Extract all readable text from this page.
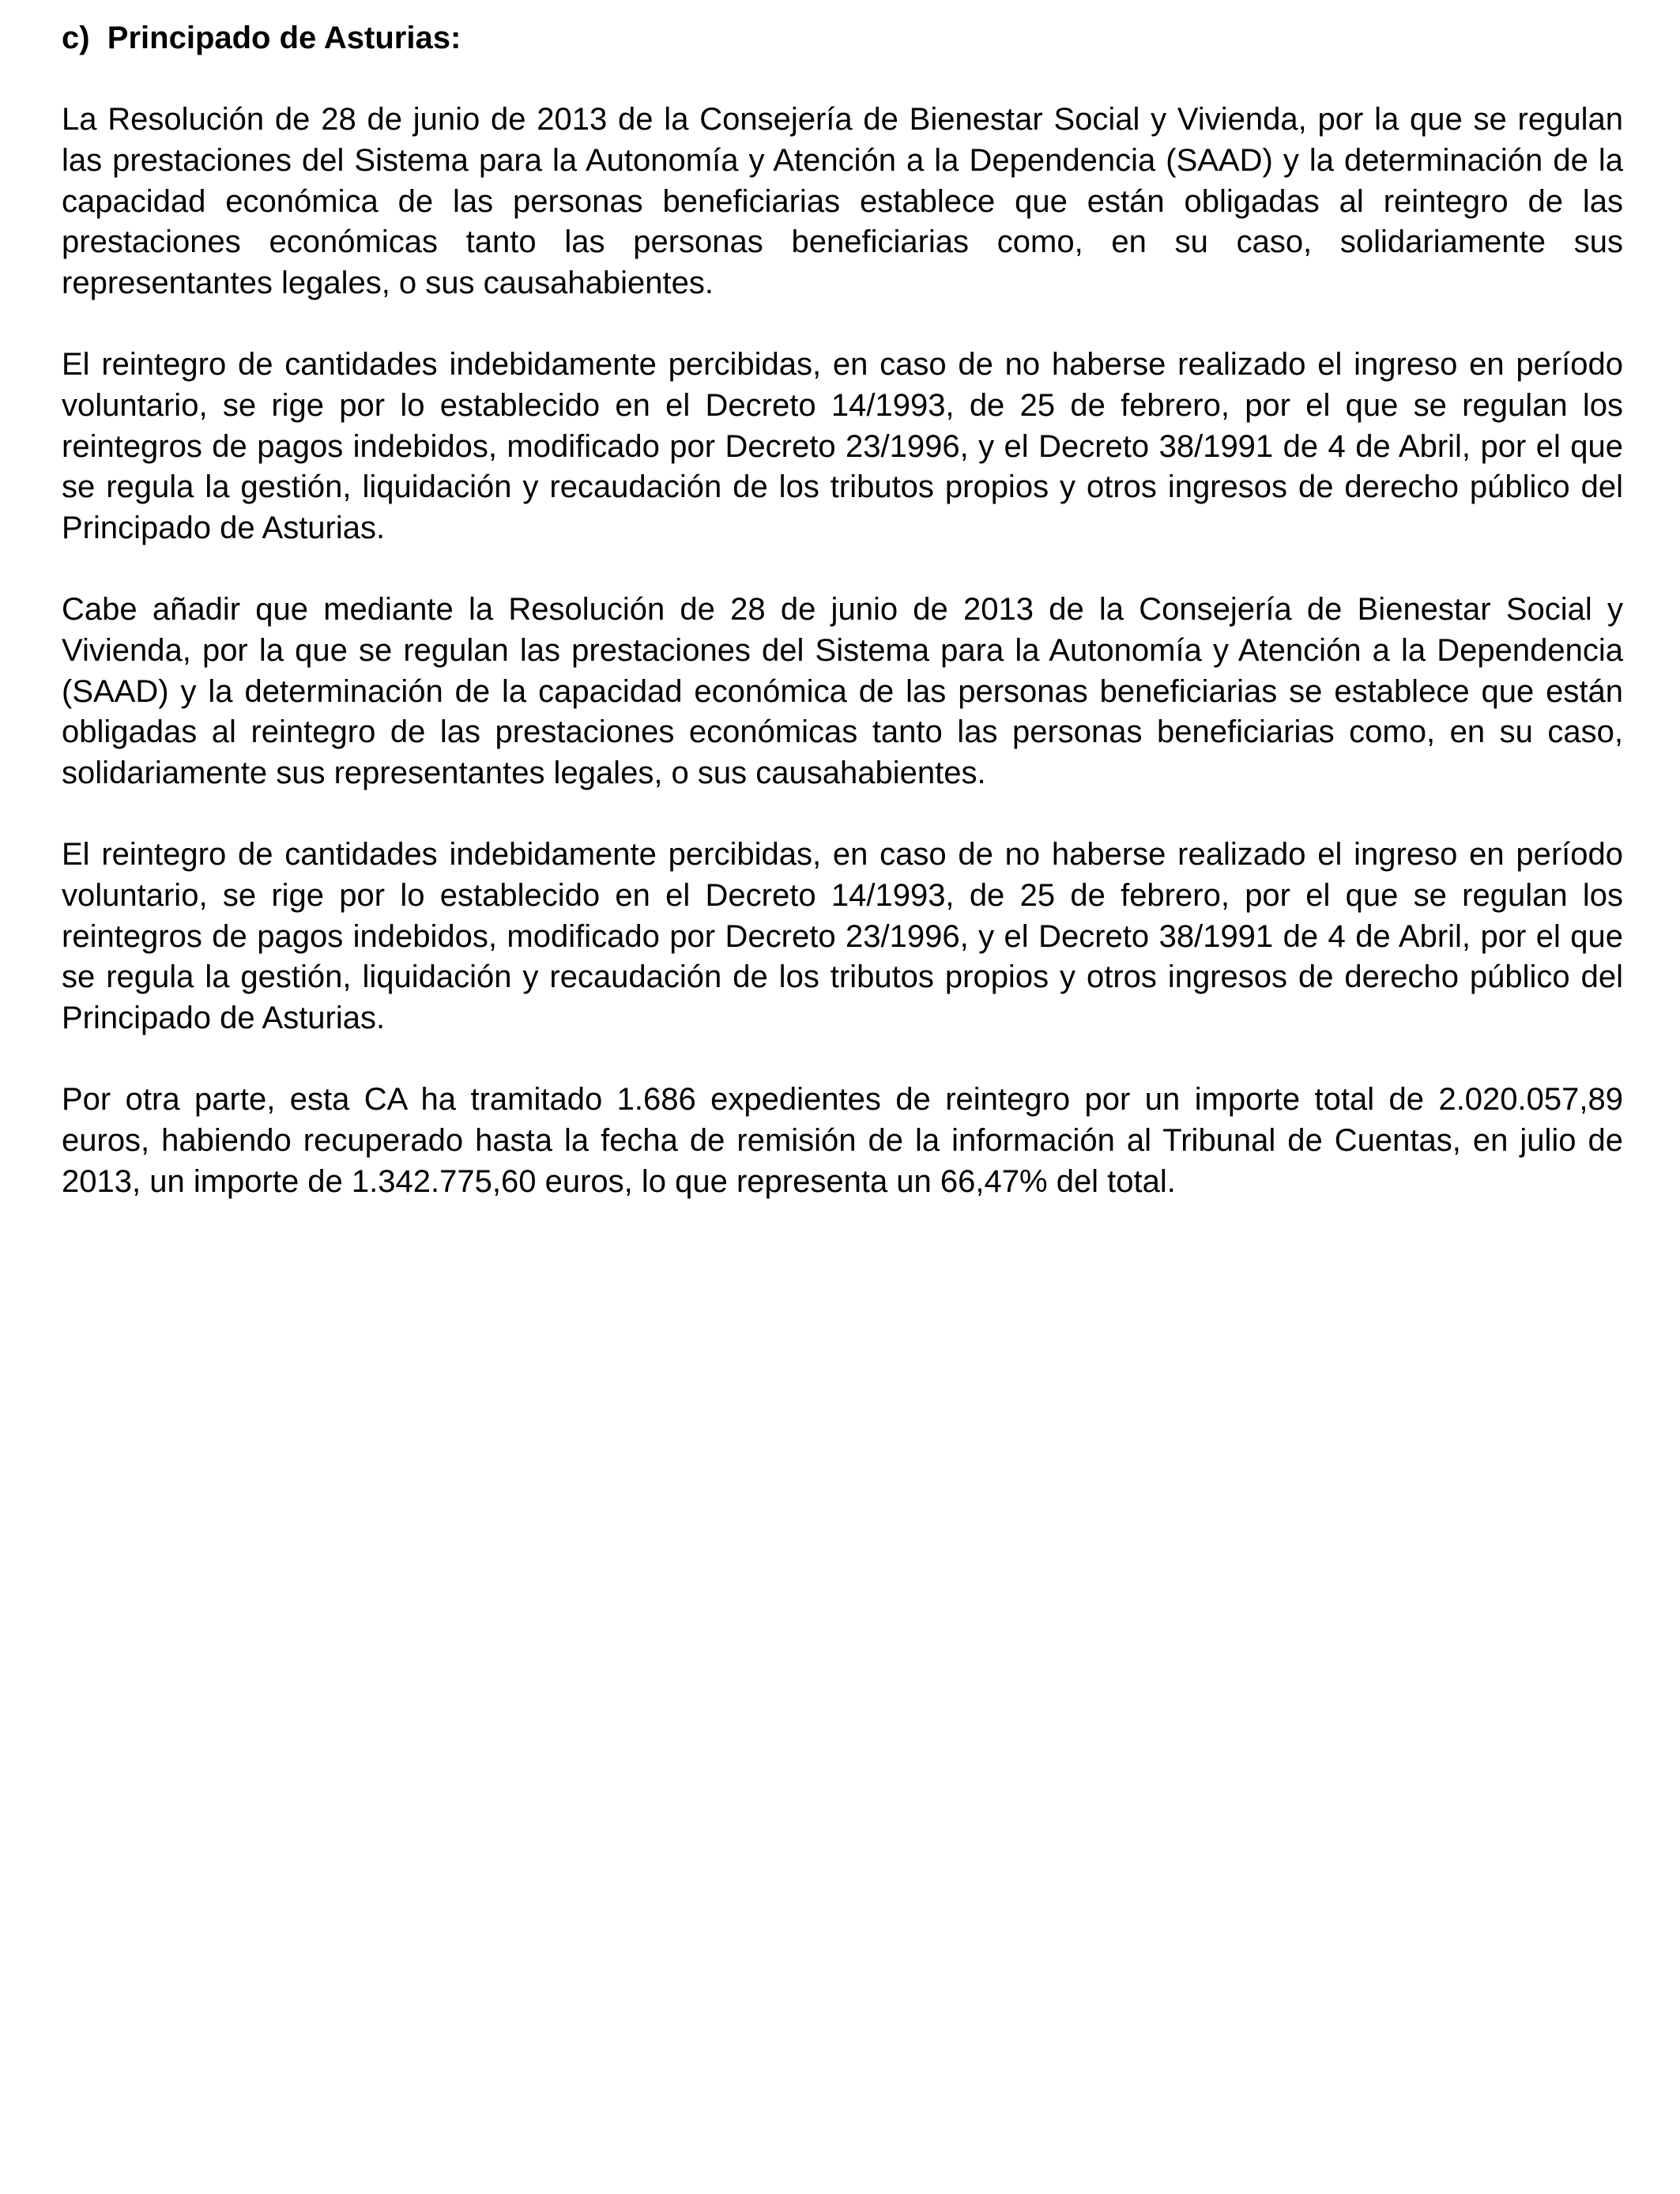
c)  Principado de Asturias:

La Resolución de 28 de junio de 2013 de la Consejería de Bienestar Social y Vivienda, por la que se regulan las prestaciones del Sistema para la Autonomía y Atención a la Dependencia (SAAD) y la determinación de la capacidad económica de las personas beneficiarias establece que están obligadas al reintegro de las prestaciones económicas tanto las personas beneficiarias como, en su caso, solidariamente sus representantes legales, o sus causahabientes.

El reintegro de cantidades indebidamente percibidas, en caso de no haberse realizado el ingreso en período voluntario, se rige por lo establecido en el Decreto 14/1993, de 25 de febrero, por el que se regulan los reintegros de pagos indebidos, modificado por Decreto 23/1996, y el Decreto 38/1991 de 4 de Abril, por el que se regula la gestión, liquidación y recaudación de los tributos propios y otros ingresos de derecho público del Principado de Asturias.

Cabe añadir que mediante la Resolución de 28 de junio de 2013 de la Consejería de Bienestar Social y Vivienda, por la que se regulan las prestaciones del Sistema para la Autonomía y Atención a la Dependencia (SAAD) y la determinación de la capacidad económica de las personas beneficiarias se establece que están obligadas al reintegro de las prestaciones económicas tanto las personas beneficiarias como, en su caso, solidariamente sus representantes legales, o sus causahabientes.

El reintegro de cantidades indebidamente percibidas, en caso de no haberse realizado el ingreso en período voluntario, se rige por lo establecido en el Decreto 14/1993, de 25 de febrero, por el que se regulan los reintegros de pagos indebidos, modificado por Decreto 23/1996, y el Decreto 38/1991 de 4 de Abril, por el que se regula la gestión, liquidación y recaudación de los tributos propios y otros ingresos de derecho público del Principado de Asturias.

Por otra parte, esta CA ha tramitado 1.686 expedientes de reintegro por un importe total de 2.020.057,89 euros, habiendo recuperado hasta la fecha de remisión de la información al Tribunal de Cuentas, en julio de 2013, un importe de 1.342.775,60 euros, lo que representa un 66,47% del total.
